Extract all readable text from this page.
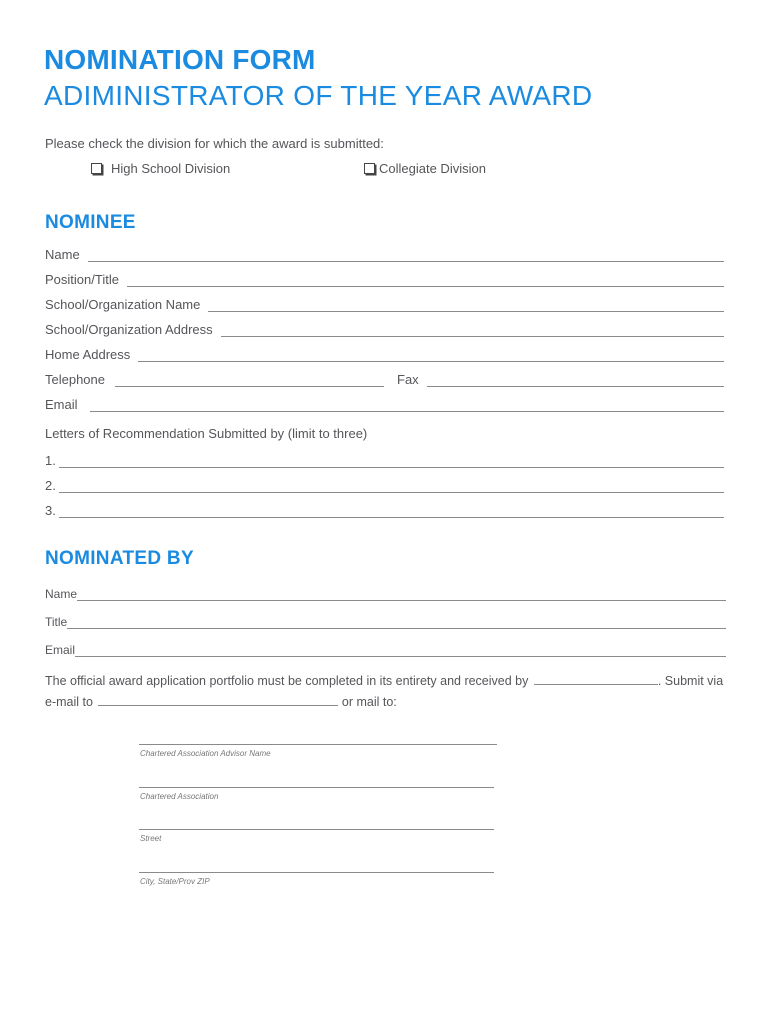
NOMINATION FORM
ADIMINISTRATOR OF THE YEAR AWARD
Please check the division for which the award is submitted:
High School Division	Collegiate Division
NOMINEE
Name
Position/Title
School/Organization Name
School/Organization Address
Home Address
Telephone	Fax
Email
Letters of Recommendation Submitted by (limit to three)
1.
2.
3.
NOMINATED BY
Name
Title
Email
The official award application portfolio must be completed in its entirety and received by	. Submit via
e-mail to	or mail to:
Chartered Association Advisor Name
Chartered Association
Street
City, State/Prov ZIP
